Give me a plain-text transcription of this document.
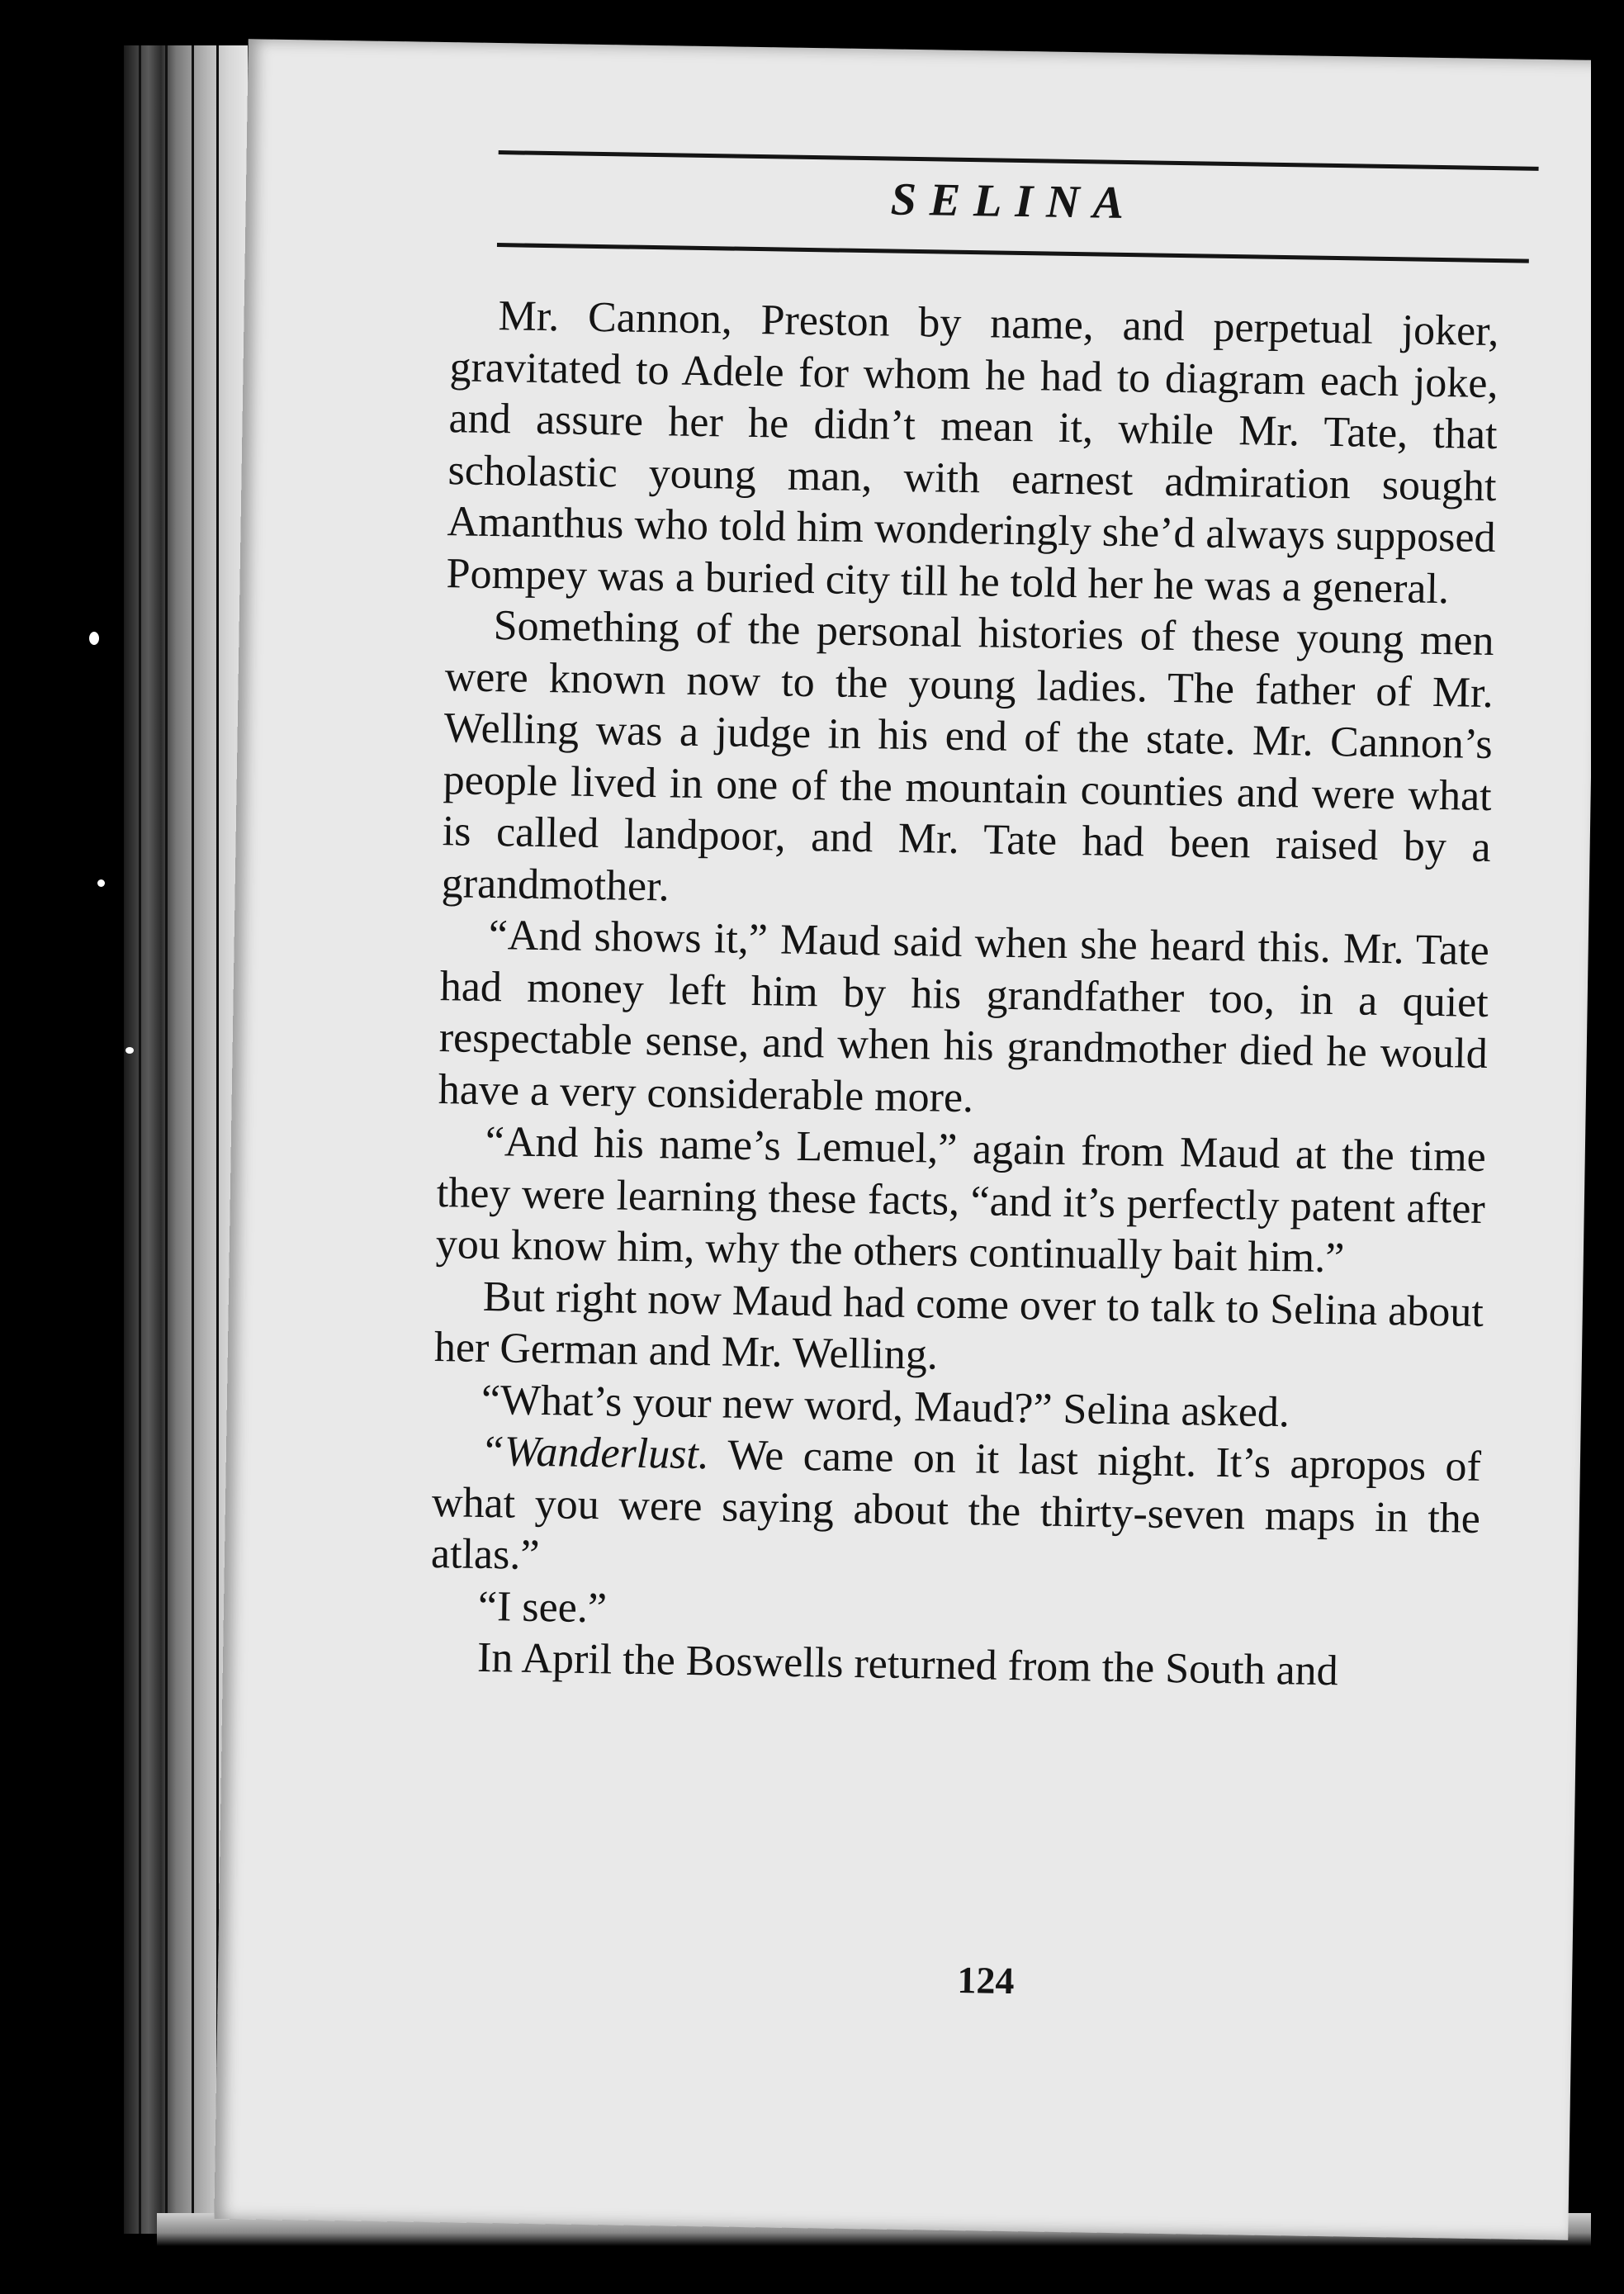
SELINA

Mr. Cannon, Preston by name, and perpetual joker, gravitated to Adele for whom he had to diagram each joke, and assure her he didn’t mean it, while Mr. Tate, that scholastic young man, with earnest admiration sought Amanthus who told him wonderingly she’d always supposed Pompey was a buried city till he told her he was a general.

Something of the personal histories of these young men were known now to the young ladies. The father of Mr. Welling was a judge in his end of the state. Mr. Cannon’s people lived in one of the mountain counties and were what is called landpoor, and Mr. Tate had been raised by a grandmother.

“And shows it,” Maud said when she heard this. Mr. Tate had money left him by his grandfather too, in a quiet respectable sense, and when his grandmother died he would have a very considerable more.

“And his name’s Lemuel,” again from Maud at the time they were learning these facts, “and it’s perfectly patent after you know him, why the others continually bait him.”

But right now Maud had come over to talk to Selina about her German and Mr. Welling.

“What’s your new word, Maud?” Selina asked.

“Wanderlust. We came on it last night. It’s apropos of what you were saying about the thirty-seven maps in the atlas.”

“I see.”

In April the Boswells returned from the South and

124
